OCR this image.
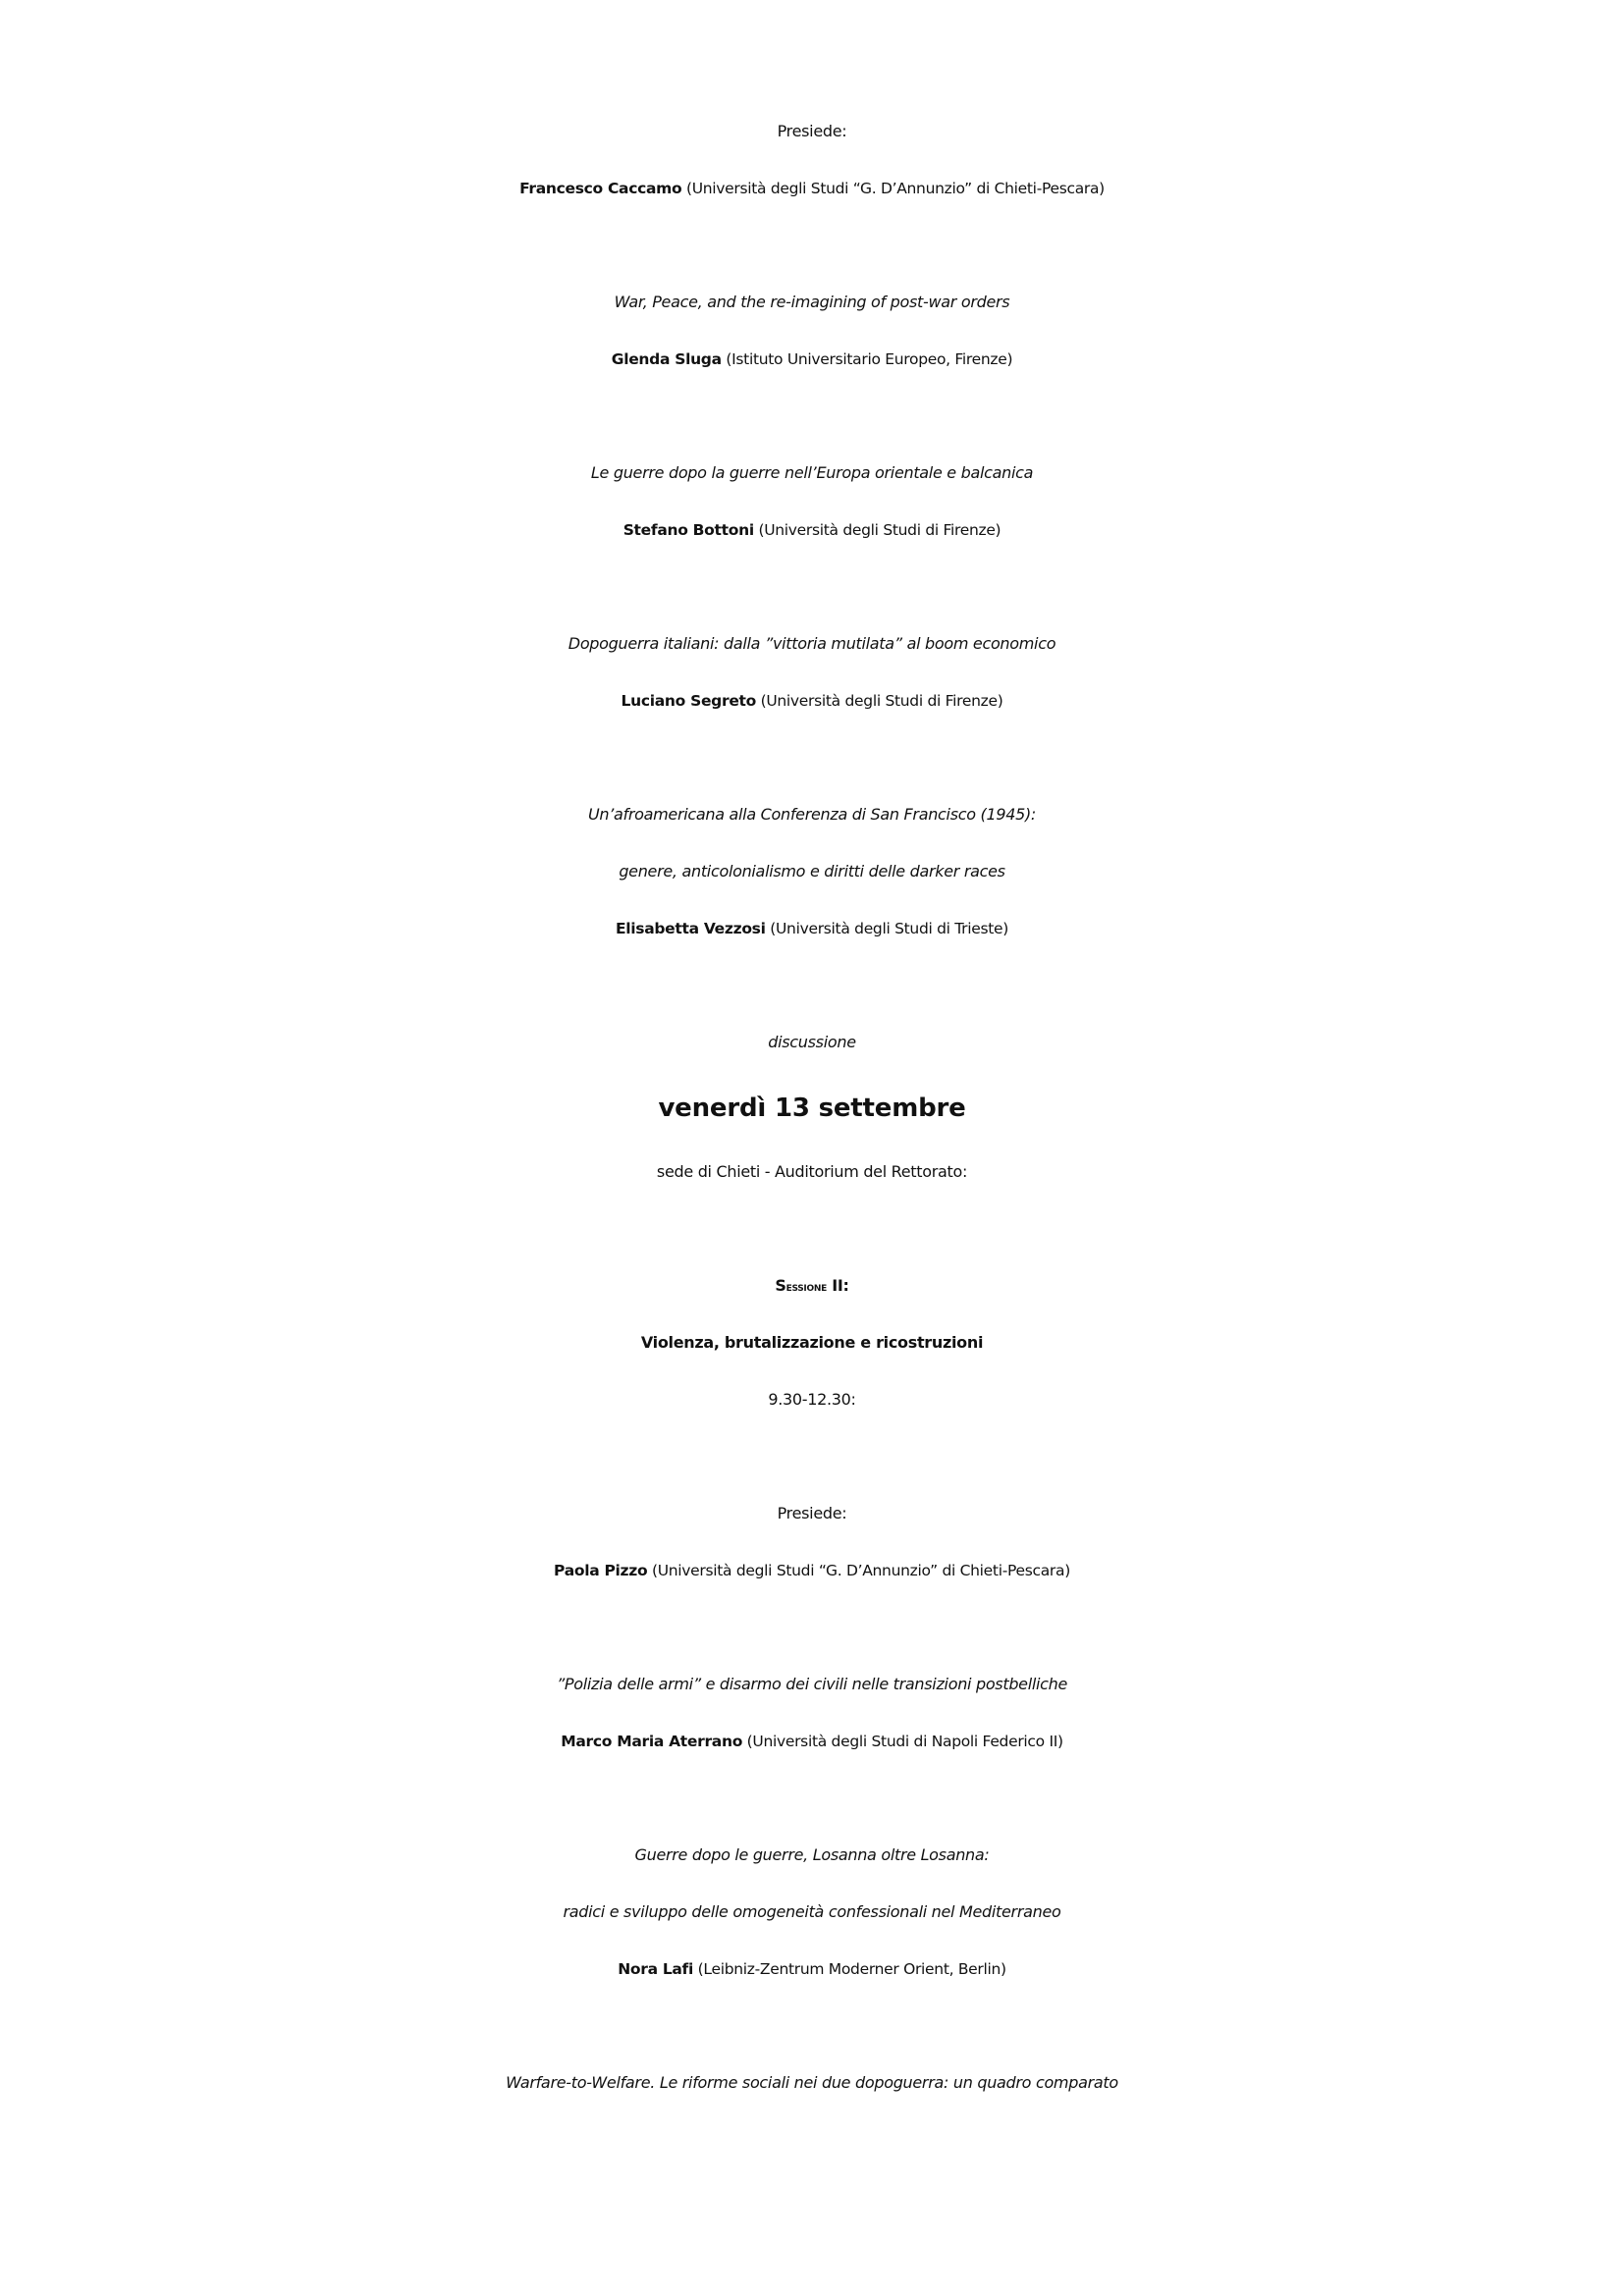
Presiede:
Francesco Caccamo (Università degli Studi “G. D’Annunzio” di Chieti-Pescara)
War, Peace, and the re-imagining of post-war orders
Glenda Sluga (Istituto Universitario Europeo, Firenze)
Le guerre dopo la guerre nell’Europa orientale e balcanica
Stefano Bottoni (Università degli Studi di Firenze)
Dopoguerra italiani: dalla ”vittoria mutilata” al boom economico
Luciano Segreto (Università degli Studi di Firenze)
Un’afroamericana alla Conferenza di San Francisco (1945):
genere, anticolonialismo e diritti delle darker races
Elisabetta Vezzosi (Università degli Studi di Trieste)
discussione
venerdì 13 settembre
sede di Chieti - Auditorium del Rettorato:
SESSIONE II:
Violenza, brutalizzazione e ricostruzioni
9.30-12.30:
Presiede:
Paola Pizzo (Università degli Studi “G. D’Annunzio” di Chieti-Pescara)
”Polizia delle armi” e disarmo dei civili nelle transizioni postbelliche
Marco Maria Aterrano (Università degli Studi di Napoli Federico II)
Guerre dopo le guerre, Losanna oltre Losanna:
radici e sviluppo delle omogeneità confessionali nel Mediterraneo
Nora Lafi (Leibniz-Zentrum Moderner Orient, Berlin)
Warfare-to-Welfare. Le riforme sociali nei due dopoguerra: un quadro comparato
